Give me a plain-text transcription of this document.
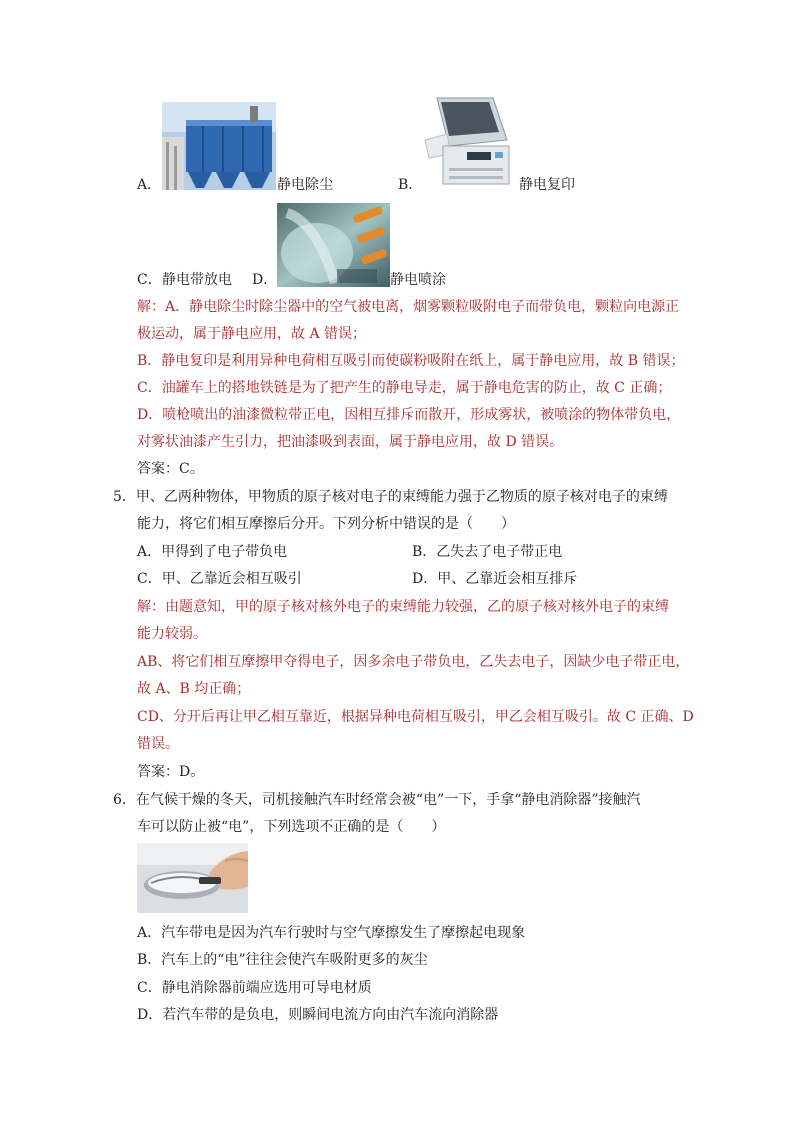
A．	静电除尘	B．	静电复印
C． 静电带放电 D．	静电喷涂
解：A．静电除尘时除尘器中的空气被电离，烟雾颗粒吸附电子而带负电，颗粒向电源正
极运动，属于静电应用，故 A 错误；
B．静电复印是利用异种电荷相互吸引而使碳粉吸附在纸上，属于静电应用，故 B 错误；
C．油罐车上的搭地铁链是为了把产生的静电导走，属于静电危害的防止，故 C 正确；
D．喷枪喷出的油漆微粒带正电，因相互排斥而散开，形成雾状，被喷涂的物体带负电，
对雾状油漆产生引力，把油漆吸到表面，属于静电应用，故 D 错误。
答案：C。
5．甲、乙两种物体，甲物质的原子核对电子的束缚能力强于乙物质的原子核对电子的束缚
能力，将它们相互摩擦后分开。下列分析中错误的是（　　）
A．甲得到了电子带负电	B．乙失去了电子带正电
C．甲、乙靠近会相互吸引	D．甲、乙靠近会相互排斥
解：由题意知，甲的原子核对核外电子的束缚能力较强，乙的原子核对核外电子的束缚
能力较弱。
AB、将它们相互摩擦甲夺得电子，因多余电子带负电，乙失去电子，因缺少电子带正电，
故 A、B 均正确；
CD、分开后再让甲乙相互靠近，根据异种电荷相互吸引，甲乙会相互吸引。故 C 正确、D
错误。
答案：D。
6．在气候干燥的冬天，司机接触汽车时经常会被“电”一下，手拿“静电消除器”接触汽
车可以防止被“电”，下列选项不正确的是（　　）
A．汽车带电是因为汽车行驶时与空气摩擦发生了摩擦起电现象
B．汽车上的“电”往往会使汽车吸附更多的灰尘
C．静电消除器前端应选用可导电材质
D．若汽车带的是负电，则瞬间电流方向由汽车流向消除器
